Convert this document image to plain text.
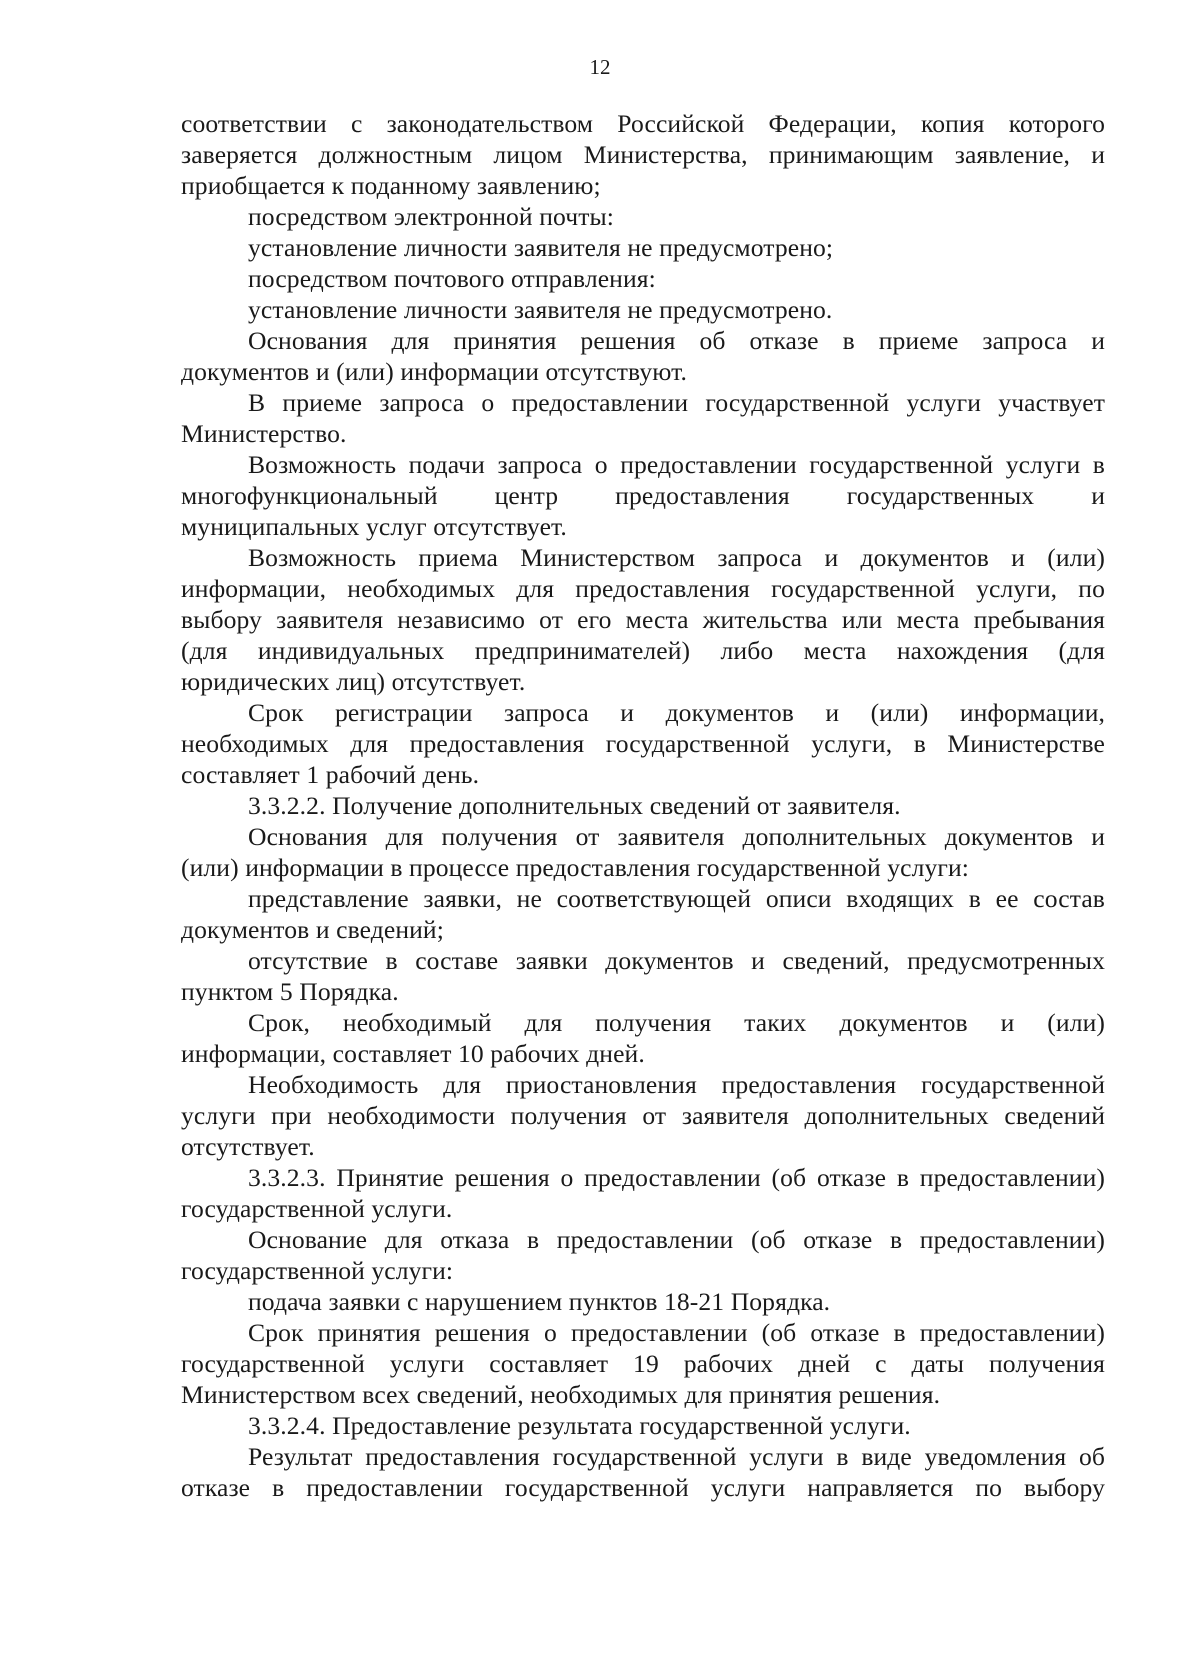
12
соответствии с законодательством Российской Федерации, копия которого
заверяется должностным лицом Министерства, принимающим заявление, и
приобщается к поданному заявлению;
посредством электронной почты:
установление личности заявителя не предусмотрено;
посредством почтового отправления:
установление личности заявителя не предусмотрено.
Основания для принятия решения об отказе в приеме запроса и
документов и (или) информации отсутствуют.
В приеме запроса о предоставлении государственной услуги участвует
Министерство.
Возможность подачи запроса о предоставлении государственной услуги в
многофункциональный центр предоставления государственных и
муниципальных услуг отсутствует.
Возможность приема Министерством запроса и документов и (или)
информации, необходимых для предоставления государственной услуги, по
выбору заявителя независимо от его места жительства или места пребывания
(для индивидуальных предпринимателей) либо места нахождения (для
юридических лиц) отсутствует.
Срок регистрации запроса и документов и (или) информации,
необходимых для предоставления государственной услуги, в Министерстве
составляет 1 рабочий день.
3.3.2.2. Получение дополнительных сведений от заявителя.
Основания для получения от заявителя дополнительных документов и
(или) информации в процессе предоставления государственной услуги:
представление заявки, не соответствующей описи входящих в ее состав
документов и сведений;
отсутствие в составе заявки документов и сведений, предусмотренных
пунктом 5 Порядка.
Срок, необходимый для получения таких документов и (или)
информации, составляет 10 рабочих дней.
Необходимость для приостановления предоставления государственной
услуги при необходимости получения от заявителя дополнительных сведений
отсутствует.
3.3.2.3. Принятие решения о предоставлении (об отказе в предоставлении)
государственной услуги.
Основание для отказа в предоставлении (об отказе в предоставлении)
государственной услуги:
подача заявки с нарушением пунктов 18-21 Порядка.
Срок принятия решения о предоставлении (об отказе в предоставлении)
государственной услуги составляет 19 рабочих дней с даты получения
Министерством всех сведений, необходимых для принятия решения.
3.3.2.4. Предоставление результата государственной услуги.
Результат предоставления государственной услуги в виде уведомления об
отказе в предоставлении государственной услуги направляется по выбору
